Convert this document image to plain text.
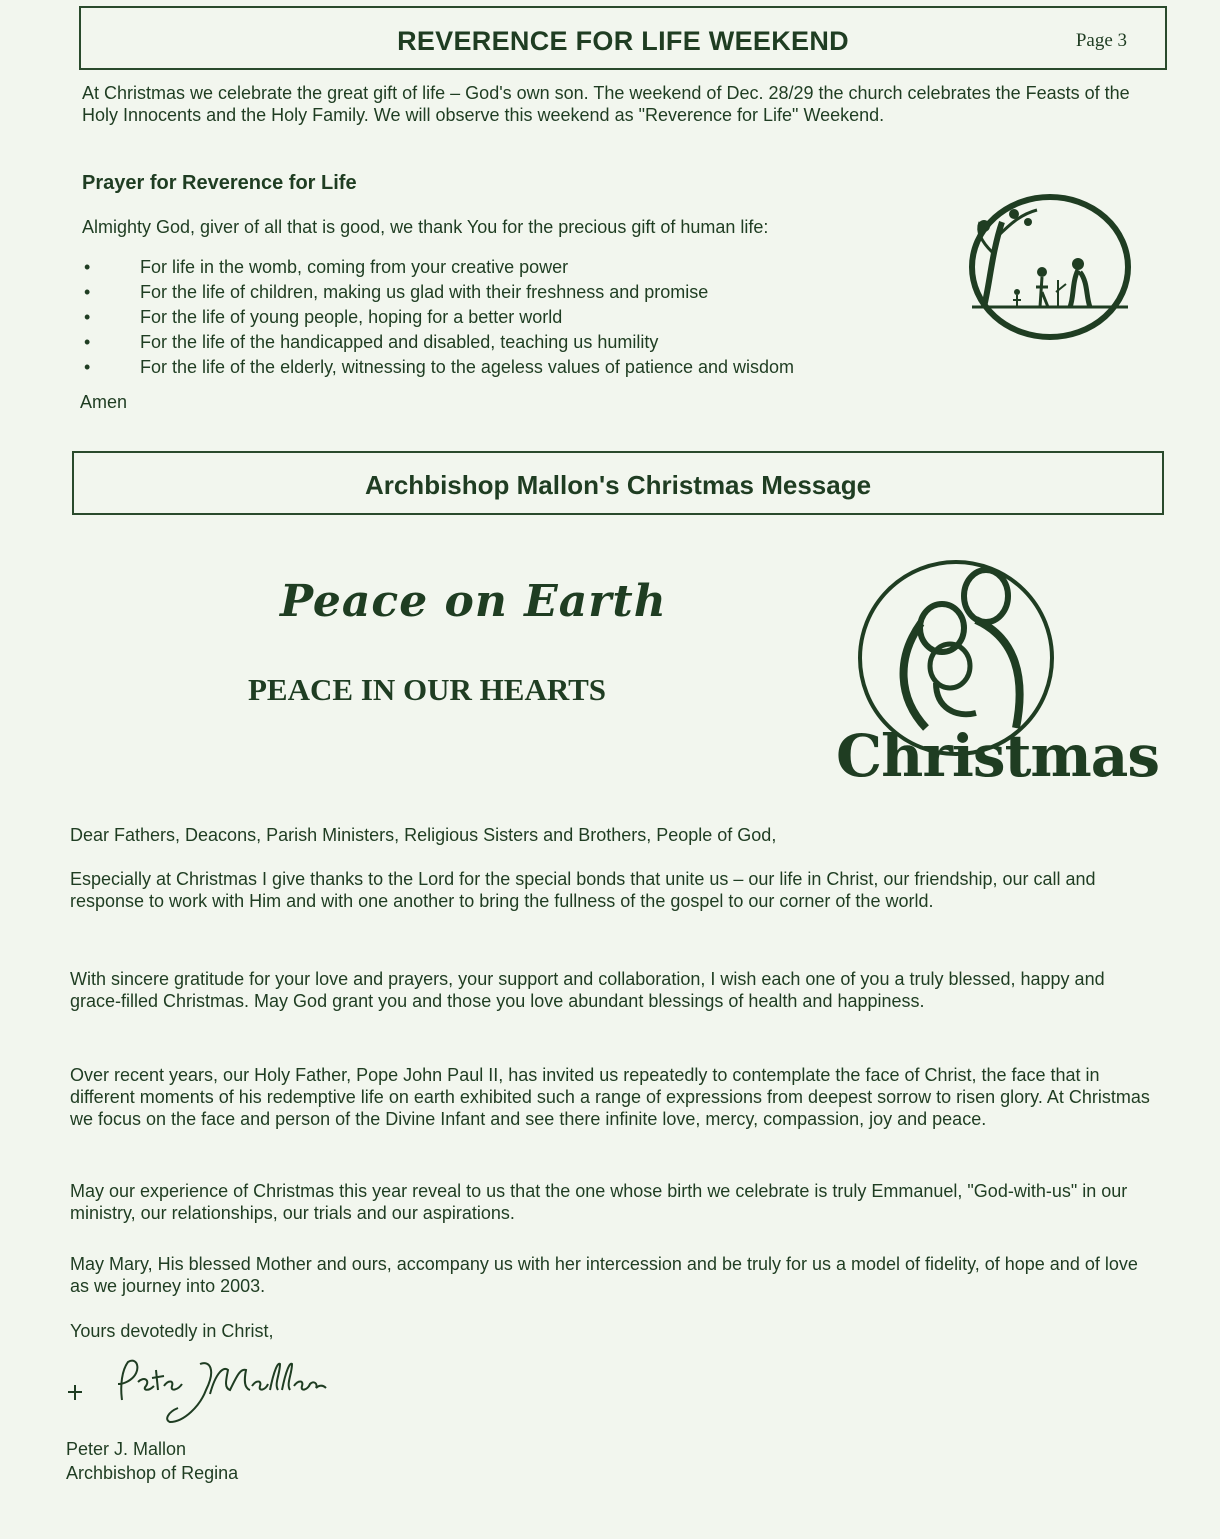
REVERENCE FOR LIFE WEEKEND	Page 3
At Christmas we celebrate the great gift of life – God's own son. The weekend of Dec. 28/29 the church celebrates the Feasts of the Holy Innocents and the Holy Family. We will observe this weekend as "Reverence for Life" Weekend.
Prayer for Reverence for Life
Almighty God, giver of all that is good, we thank You for the precious gift of human life:
• For life in the womb, coming from your creative power
• For the life of children, making us glad with their freshness and promise
• For the life of young people, hoping for a better world
• For the life of the handicapped and disabled, teaching us humility
• For the life of the elderly, witnessing to the ageless values of patience and wisdom
Amen
Archbishop Mallon's Christmas Message
Peace on Earth
PEACE IN OUR HEARTS
Christmas
Dear Fathers, Deacons, Parish Ministers, Religious Sisters and Brothers, People of God,
Especially at Christmas I give thanks to the Lord for the special bonds that unite us – our life in Christ, our friendship, our call and response to work with Him and with one another to bring the fullness of the gospel to our corner of the world.
With sincere gratitude for your love and prayers, your support and collaboration, I wish each one of you a truly blessed, happy and grace-filled Christmas. May God grant you and those you love abundant blessings of health and happiness.
Over recent years, our Holy Father, Pope John Paul II, has invited us repeatedly to contemplate the face of Christ, the face that in different moments of his redemptive life on earth exhibited such a range of expressions from deepest sorrow to risen glory. At Christmas we focus on the face and person of the Divine Infant and see there infinite love, mercy, compassion, joy and peace.
May our experience of Christmas this year reveal to us that the one whose birth we celebrate is truly Emmanuel, "God-with-us" in our ministry, our relationships, our trials and our aspirations.
May Mary, His blessed Mother and ours, accompany us with her intercession and be truly for us a model of fidelity, of hope and of love as we journey into 2003.
Yours devotedly in Christ,
Peter J. Mallon
Archbishop of Regina
